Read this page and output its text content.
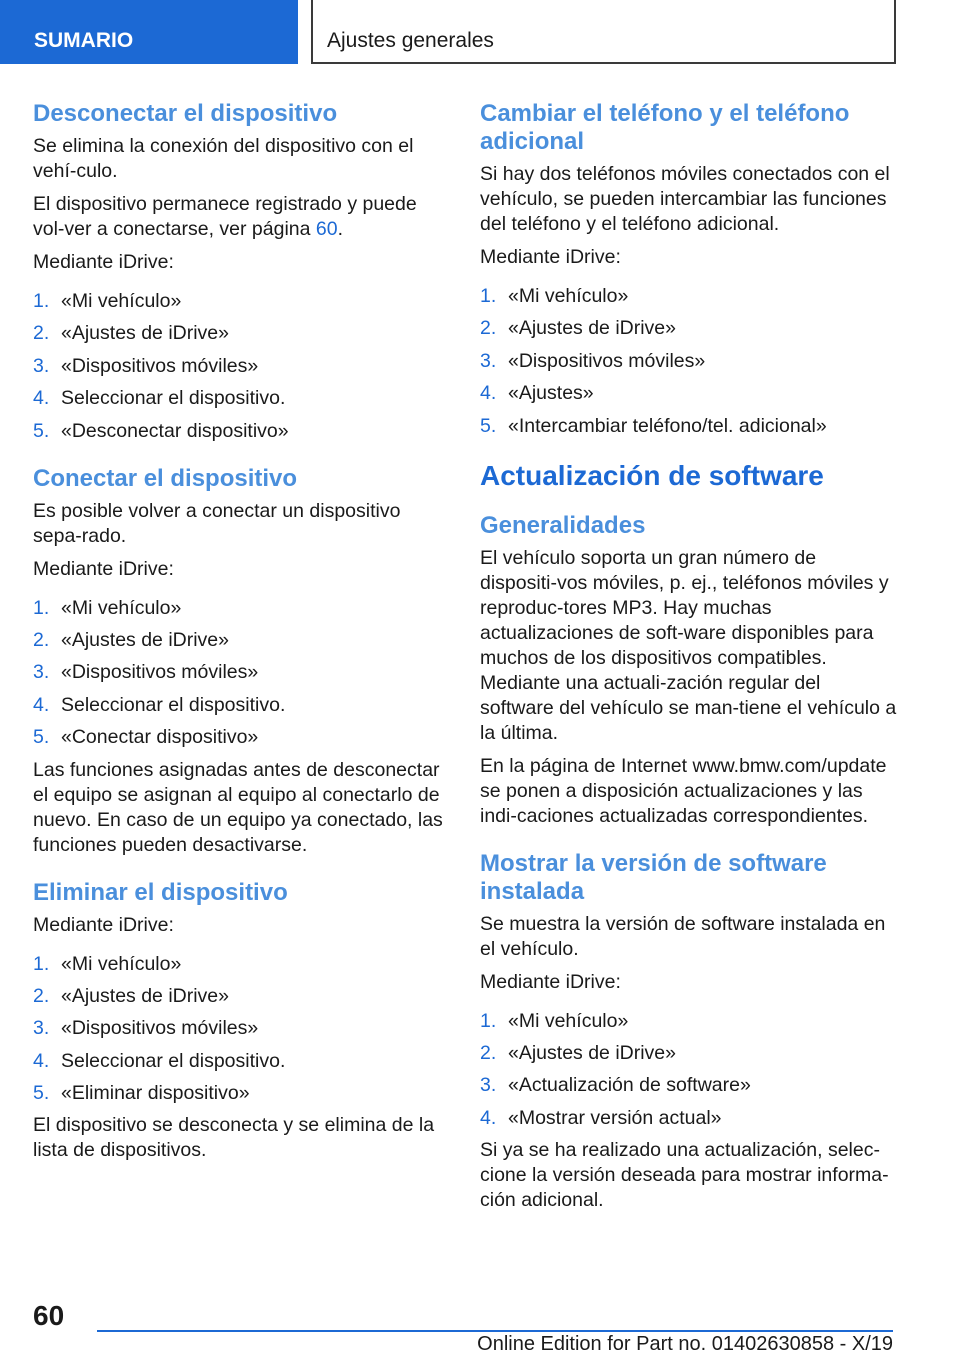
SUMARIO	Ajustes generales
Desconectar el dispositivo

Se elimina la conexión del dispositivo con el vehí‐culo.

El dispositivo permanece registrado y puede vol‐ver a conectarse, ver página 60.

Mediante iDrive:

1. «Mi vehículo»
2. «Ajustes de iDrive»
3. «Dispositivos móviles»
4. Seleccionar el dispositivo.
5. «Desconectar dispositivo»
Conectar el dispositivo

Es posible volver a conectar un dispositivo sepa‐rado.

Mediante iDrive:

1. «Mi vehículo»
2. «Ajustes de iDrive»
3. «Dispositivos móviles»
4. Seleccionar el dispositivo.
5. «Conectar dispositivo»

Las funciones asignadas antes de desconectar el equipo se asignan al equipo al conectarlo de nuevo. En caso de un equipo ya conectado, las funciones pueden desactivarse.

Eliminar el dispositivo

Mediante iDrive:

1. «Mi vehículo»
2. «Ajustes de iDrive»
3. «Dispositivos móviles»
4. Seleccionar el dispositivo.
5. «Eliminar dispositivo»

El dispositivo se desconecta y se elimina de la lista de dispositivos.

Cambiar el teléfono y el teléfono adicional

Si hay dos teléfonos móviles conectados con el vehículo, se pueden intercambiar las funciones del teléfono y el teléfono adicional.

Mediante iDrive:

1. «Mi vehículo»
2. «Ajustes de iDrive»
3. «Dispositivos móviles»
4. «Ajustes»
5. «Intercambiar teléfono/tel. adicional»
Actualización de software
Generalidades

El vehículo soporta un gran número de dispositi‐vos móviles, p. ej., teléfonos móviles y reproduc‐tores MP3. Hay muchas actualizaciones de soft‐ware disponibles para muchos de los dispositivos compatibles. Mediante una actuali‐zación regular del software del vehículo se man‐tiene el vehículo a la última.

En la página de Internet www.bmw.com/update se ponen a disposición actualizaciones y las indi‐caciones actualizadas correspondientes.

Mostrar la versión de software instalada

Se muestra la versión de software instalada en el vehículo.

Mediante iDrive:

1. «Mi vehículo»
2. «Ajustes de iDrive»
3. «Actualización de software»
4. «Mostrar versión actual»

Si ya se ha realizado una actualización, selec‐cione la versión deseada para mostrar informa‐ción adicional.

60
Online Edition for Part no. 01402630858 - X/19
